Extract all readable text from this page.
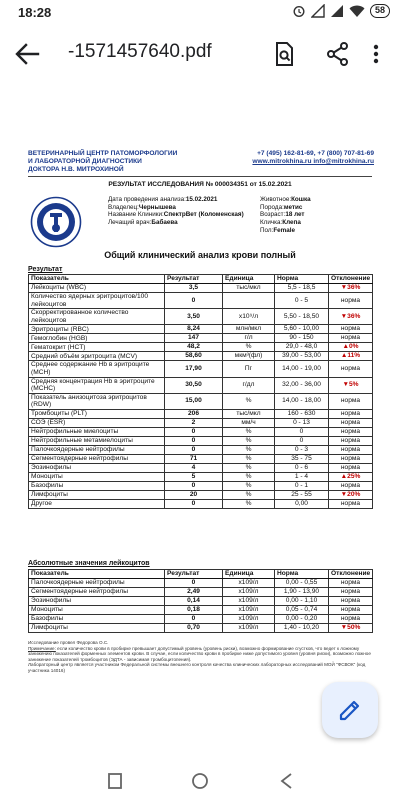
18:28	58
-1571457640.pdf
ВЕТЕРИНАРНЫЙ ЦЕНТР ПАТОМОРФОЛОГИИ
И ЛАБОРАТОРНОЙ ДИАГНОСТИКИ
ДОКТОРА Н.В. МИТРОХИНОЙ
+7 (495) 162-81-69, +7 (800) 707-81-69
www.mitrokhina.ru info@mitrokhina.ru
РЕЗУЛЬТАТ ИССЛЕДОВАНИЯ № 000034351 от 15.02.2021
Дата проведения анализа:15.02.2021
Владелец:Чернышева
Название Клиники:СпектрВет (Коломенская)
Лечащий врач:Бабаева
Животное:Кошка
Порода:метис
Возраст:18 лет
Кличка:Клепа
Пол:Female
Общий клинический анализ крови полный
Результат
Показатель	Результат	Единица	Норма	Отклонение
Лейкоциты (WBC)	3,5	тыс/мкл	5,5 - 18,5	▼36%
Количество ядерных эритроцитов/100 лейкоцитов	0		0 - 5	норма
Скорректированное количество лейкоцитов	3,50	х10⁹/л	5,50 - 18,50	▼36%
Эритроциты (RBC)	8,24	млн/мкл	5,60 - 10,00	норма
Гемоглобин (HGB)	147	г/л	90 - 150	норма
Гематокрит (HCT)	48,2	%	29,0 - 48,0	▲0%
Средний объём эритроцита (MCV)	58,60	мкм³(фл)	39,00 - 53,00	▲11%
Среднее содержание Hb в эритроците (MCH)	17,90	Пг	14,00 - 19,00	норма
Средняя концентрация Hb в эритроците (MCHC)	30,50	г/дл	32,00 - 36,00	▼5%
Показатель анизоцитоза эритроцитов (RDW)	15,00	%	14,00 - 18,00	норма
Тромбоциты (PLT)	206	тыс/мкл	160 - 630	норма
СОЭ (ESR)	2	мм/ч	0 - 13	норма
Нейтрофильные миелоциты	0	%	0	норма
Нейтрофильные метамиелоциты	0	%	0	норма
Палочкоядерные нейтрофилы	0	%	0 - 3	норма
Сегментоядерные нейтрофилы	71	%	35 - 75	норма
Эозинофилы	4	%	0 - 6	норма
Моноциты	5	%	1 - 4	▲25%
Базофилы	0	%	0 - 1	норма
Лимфоциты	20	%	25 - 55	▼20%
Другое	0	%	0,00	норма
Абсолютные значения лейкоцитов
Показатель	Результат	Единица	Норма	Отклонение
Палочкоядерные нейтрофилы	0	х109/л	0,00 - 0,55	норма
Сегментоядерные нейтрофилы	2,49	х109/л	1,90 - 13,90	норма
Эозинофилы	0,14	х109/л	0,00 - 1,10	норма
Моноциты	0,18	х109/л	0,05 - 0,74	норма
Базофилы	0	х109/л	0,00 - 0,20	норма
Лимфоциты	0,70	х109/л	1,40 - 10,20	▼50%
Исследование провел Федорова О.С.
Примечание: если количество крови в пробирке превышает допустимый уровень (уровень риски), возможно формирование сгустков, что ведет к ложному занижению показателей форменных элементов крови. В случае, если количество крови в пробирке ниже допустимого уровня (уровня риски), возможно ложное занижение показателей тромбоцитов (ЭДТА - зависимая тромбоцитопения).
Лабораторный центр является участником Федеральной системы внешнего контроля качества клинических лабораторных исследований МОЙ "ФСВОК" (код участника 14016)
